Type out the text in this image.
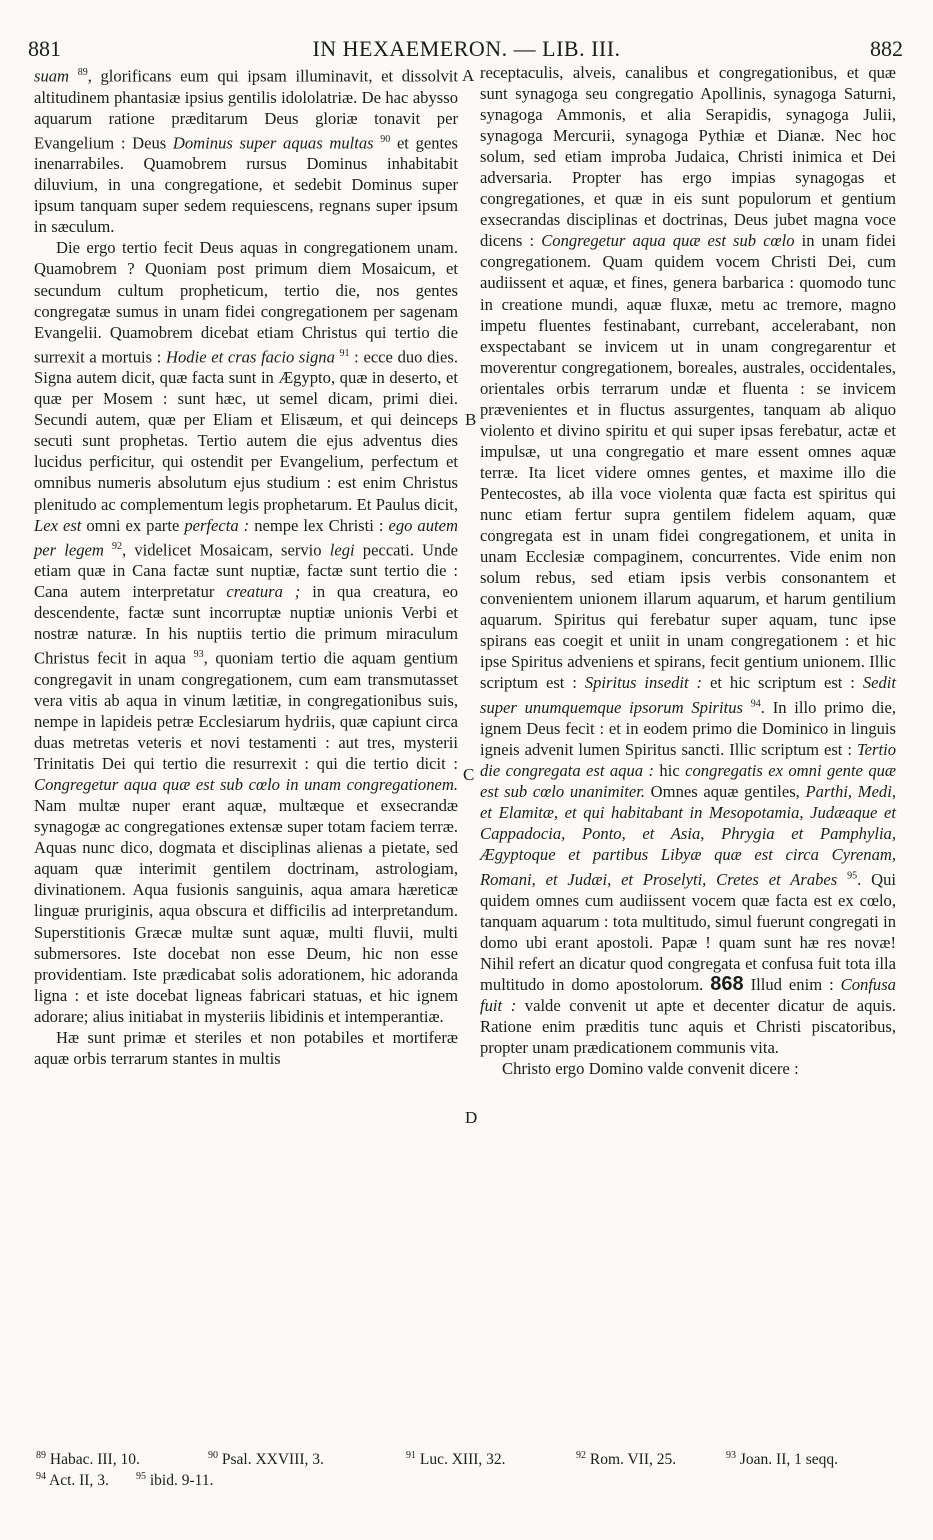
881	IN HEXAEMERON. — LIB. III.	882

suam $^{89}$, glorificans eum qui ipsam illuminavit, et dissolvit altitudinem phantasiæ ipsius gentilis idololatriæ. De hac abysso aquarum ratione præditarum Deus gloriæ tonavit per Evangelium : Deus Dominus super aquas multas $^{90}$ et gentes inenarrabiles. Quamobrem rursus Dominus inhabitabit diluvium, in una congregatione, et sedebit Dominus super ipsum tanquam super sedem requiescens, regnans super ipsum in sæculum.

Die ergo tertio fecit Deus aquas in congregationem unam. Quamobrem ? Quoniam post primum diem Mosaicum, et secundum cultum propheticum, tertio die, nos gentes congregatæ sumus in unam fidei congregationem per sagenam Evangelii. Quamobrem dicebat etiam Christus qui tertio die surrexit a mortuis : Hodie et cras facio signa $^{91}$ : ecce duo dies. Signa autem dicit, quæ facta sunt in Ægypto, quæ in deserto, et quæ per Mosem : sunt hæc, ut semel dicam, primi diei. Secundi autem, quæ per Eliam et Elisæum, et qui deinceps secuti sunt prophetas. Tertio autem die ejus adventus dies lucidus perficitur, qui ostendit per Evangelium, perfectum et omnibus numeris absolutum ejus studium : est enim Christus plenitudo ac complementum legis prophetarum. Et Paulus dicit, Lex est omni ex parte perfecta : nempe lex Christi : ego autem per legem $^{92}$, videlicet Mosaicam, servio legi peccati. Unde etiam quæ in Cana factæ sunt nuptiæ, factæ sunt tertio die : Cana autem interpretatur creatura ; in qua creatura, eo descendente, factæ sunt incorruptæ nuptiæ unionis Verbi et nostræ naturæ. In his nuptiis tertio die primum miraculum Christus fecit in aqua $^{93}$, quoniam tertio die aquam gentium congregavit in unam congregationem, cum eam transmutasset vera vitis ab aqua in vinum lætitiæ, in congregationibus suis, nempe in lapideis petræ Ecclesiarum hydriis, quæ capiunt circa duas metretas veteris et novi testamenti : aut tres, mysterii Trinitatis Dei qui tertio die resurrexit : qui die tertio dicit : Congregetur aqua quæ est sub cœlo in unam congregationem. Nam multæ nuper erant aquæ, multæque et exsecrandæ synagogæ ac congregationes extensæ super totam faciem terræ. Aquas nunc dico, dogmata et disciplinas alienas a pietate, sed aquam quæ interimit gentilem doctrinam, astrologiam, divinationem. Aqua fusionis sanguinis, aqua amara hæreticæ linguæ pruriginis, aqua obscura et difficilis ad interpretandum. Superstitionis Græcæ multæ sunt aquæ, multi fluvii, multi submersores. Iste docebat non esse Deum, hic non esse providentiam. Iste prædicabat solis adorationem, hic adoranda ligna : et iste docebat ligneas fabricari statuas, et hic ignem adorare; alius initiabat in mysteriis libidinis et intemperantiæ.

Hæ sunt primæ et steriles et non potabiles et mortiferæ aquæ orbis terrarum stantes in multis

A
B
C
D

receptaculis, alveis, canalibus et congregationibus, et quæ sunt synagoga seu congregatio Apollinis, synagoga Saturni, synagoga Ammonis, et alia Serapidis, synagoga Julii, synagoga Mercurii, synagoga Pythiæ et Dianæ. Nec hoc solum, sed etiam improba Judaica, Christi inimica et Dei adversaria. Propter has ergo impias synagogas et congregationes, et quæ in eis sunt populorum et gentium exsecrandas disciplinas et doctrinas, Deus jubet magna voce dicens : Congregetur aqua quæ est sub cœlo in unam fidei congregationem. Quam quidem vocem Christi Dei, cum audiissent et aquæ, et fines, genera barbarica : quomodo tunc in creatione mundi, aquæ fluxæ, metu ac tremore, magno impetu fluentes festinabant, currebant, accelerabant, non exspectabant se invicem ut in unam congregarentur et moverentur congregationem, boreales, australes, occidentales, orientales orbis terrarum undæ et fluenta : se invicem prævenientes et in fluctus assurgentes, tanquam ab aliquo violento et divino spiritu et qui super ipsas ferebatur, actæ et impulsæ, ut una congregatio et mare essent omnes aquæ terræ. Ita licet videre omnes gentes, et maxime illo die Pentecostes, ab illa voce violenta quæ facta est spiritus qui nunc etiam fertur supra gentilem fidelem aquam, quæ congregata est in unam fidei congregationem, et unita in unam Ecclesiæ compaginem, concurrentes. Vide enim non solum rebus, sed etiam ipsis verbis consonantem et convenientem unionem illarum aquarum, et harum gentilium aquarum. Spiritus qui ferebatur super aquam, tunc ipse spirans eas coegit et uniit in unam congregationem : et hic ipse Spiritus adveniens et spirans, fecit gentium unionem. Illic scriptum est : Spiritus insedit : et hic scriptum est : Sedit super unumquemque ipsorum Spiritus $^{94}$. In illo primo die, ignem Deus fecit : et in eodem primo die Dominico in linguis igneis advenit lumen Spiritus sancti. Illic scriptum est : Tertio die congregata est aqua : hic congregatis ex omni gente quæ est sub cœlo unanimiter. Omnes aquæ gentiles, Parthi, Medi, et Elamitæ, et qui habitabant in Mesopotamia, Judæaque et Cappadocia, Ponto, et Asia, Phrygia et Pamphylia, Ægyptoque et partibus Libyæ quæ est circa Cyrenam, Romani, et Judæi, et Proselyti, Cretes et Arabes $^{95}$. Qui quidem omnes cum audiissent vocem quæ facta est ex cœlo, tanquam aquarum : tota multitudo, simul fuerunt congregati in domo ubi erant apostoli. Papæ ! quam sunt hæ res novæ! Nihil refert an dicatur quod congregata et confusa fuit tota illa multitudo in domo apostolorum. 868 Illud enim : Confusa fuit : valde convenit ut apte et decenter dicatur de aquis. Ratione enim præditis tunc aquis et Christi piscatoribus, propter unam prædicationem communis vita.

Christo ergo Domino valde convenit dicere :

$^{89}$ Habac. III, 10.	$^{90}$ Psal. XXVIII, 3.	$^{91}$ Luc. XIII, 32.	$^{92}$ Rom. VII, 25.	$^{93}$ Joan. II, 1 seqq.
$^{94}$ Act. II, 3.	$^{95}$ ibid. 9-11.
